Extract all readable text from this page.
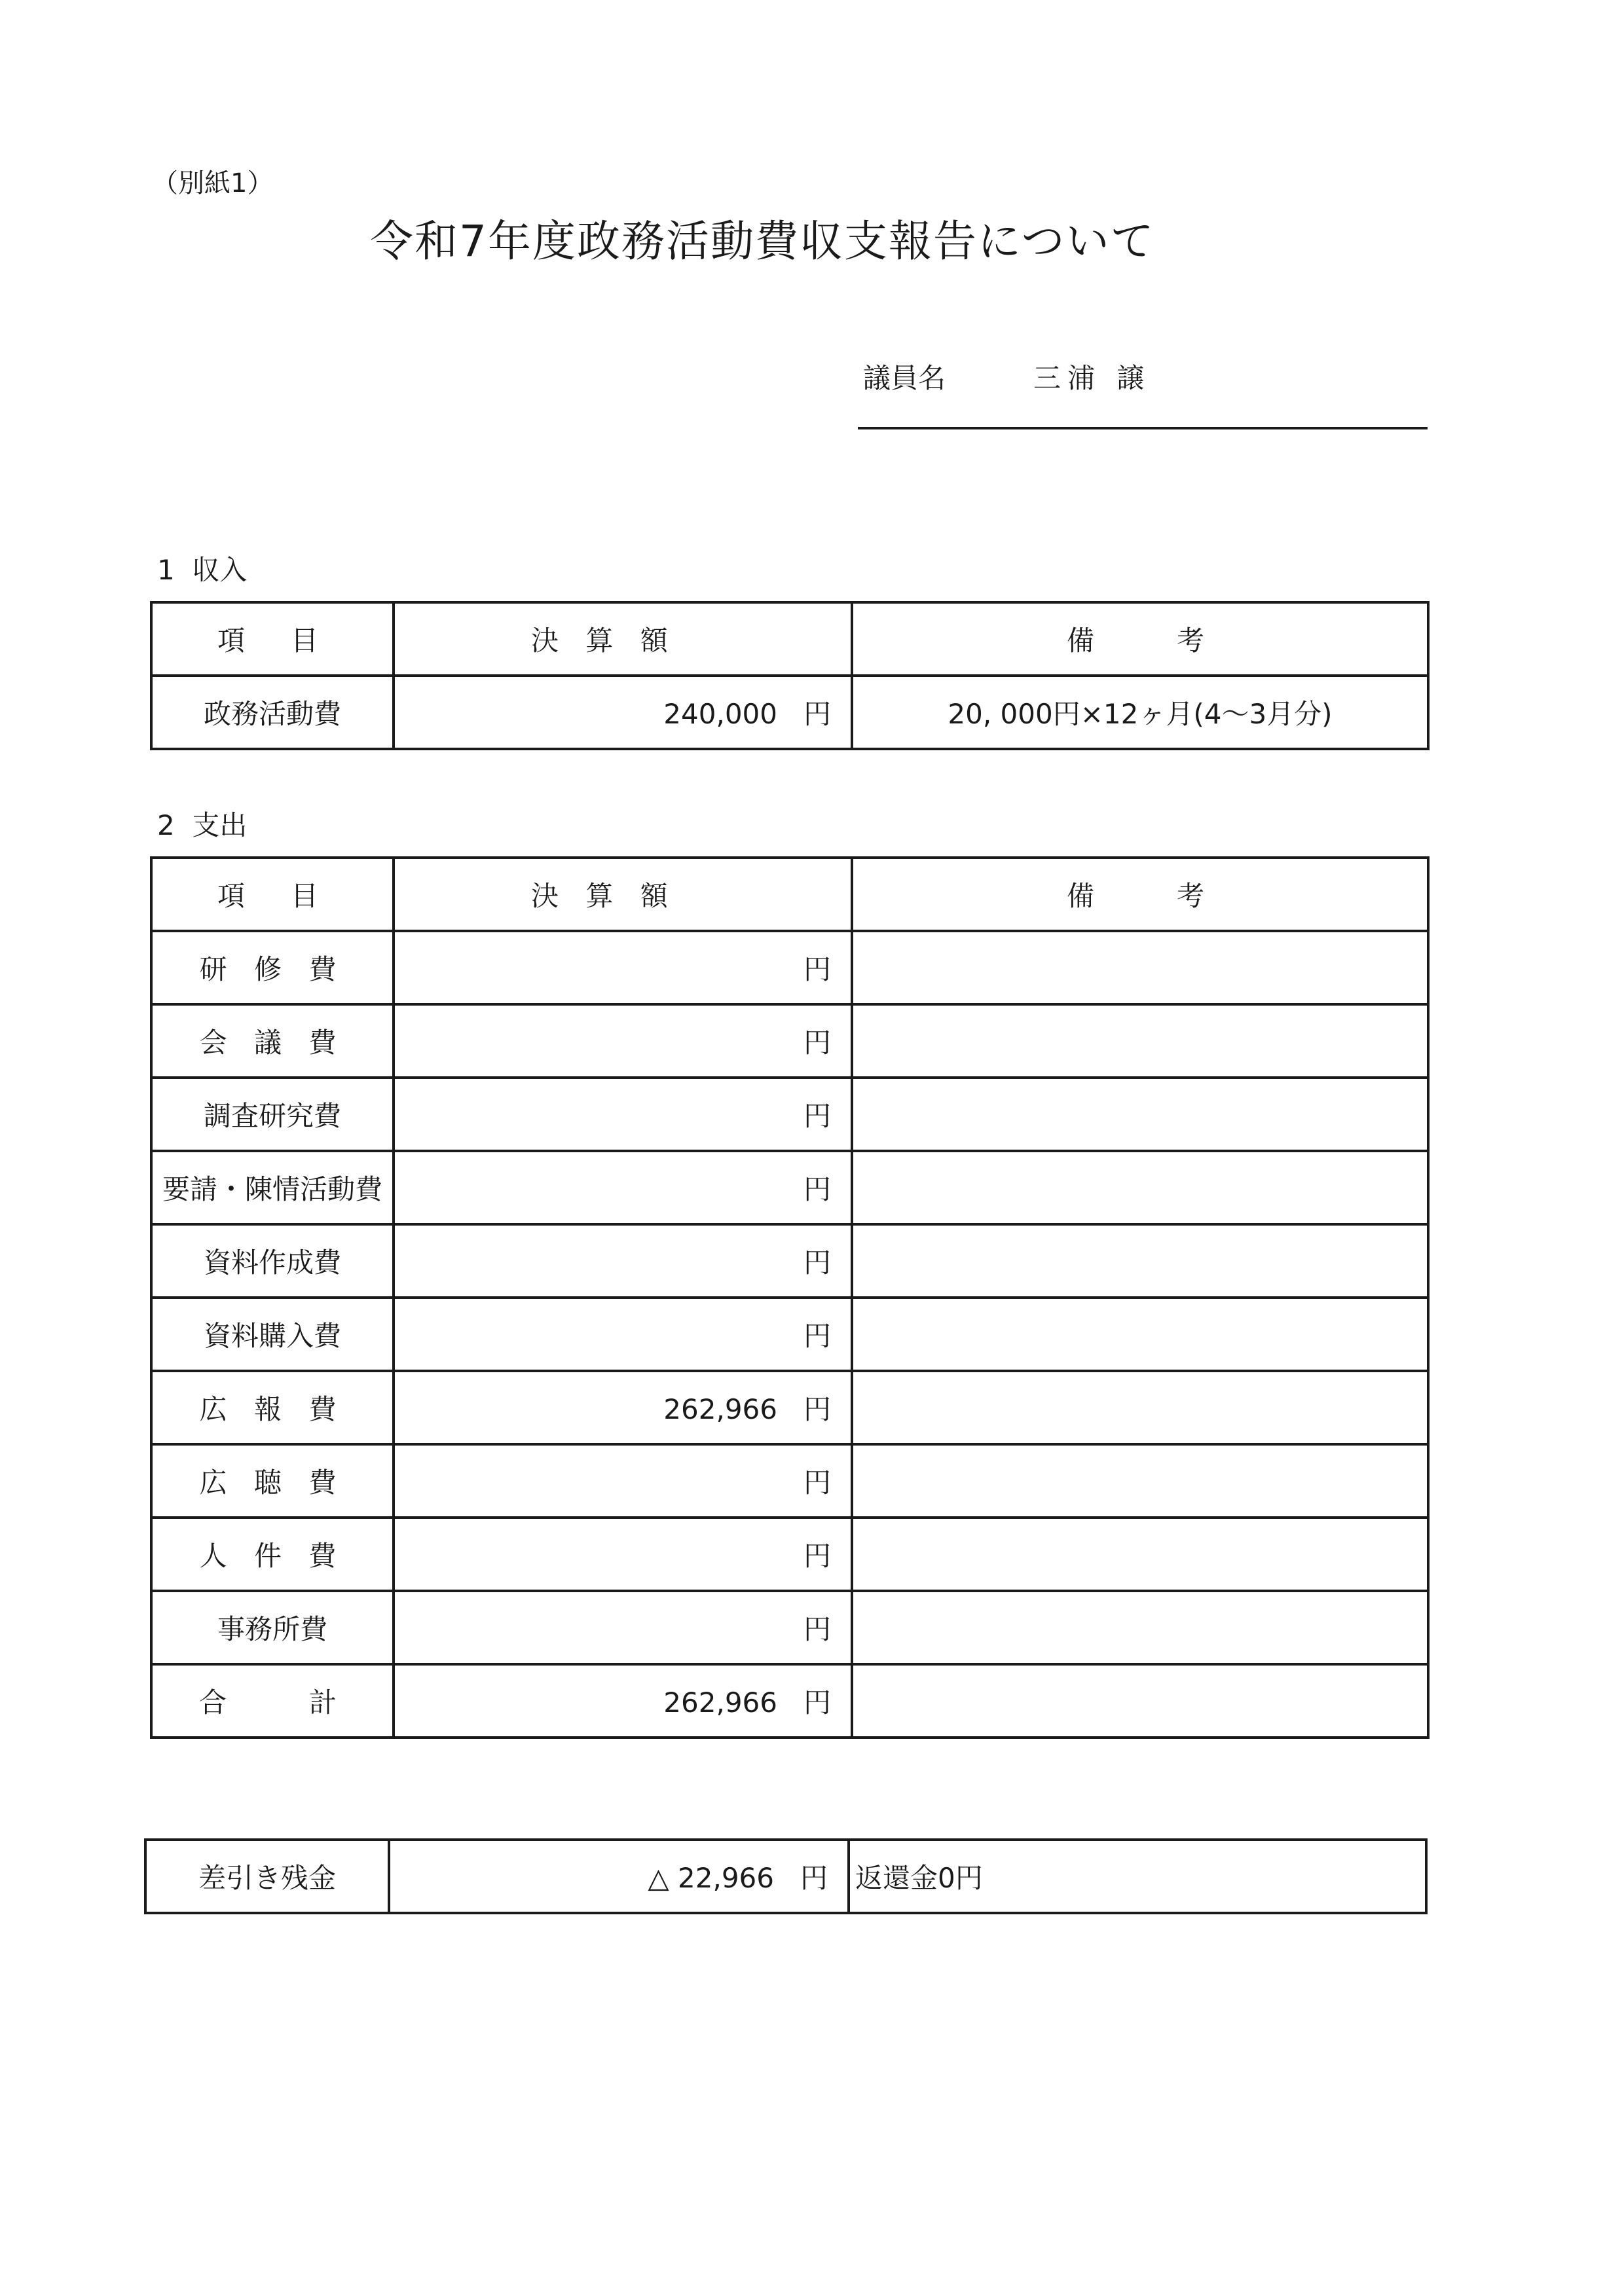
（別紙1）
令和7年度政務活動費収支報告について
議員名	三浦 譲
1 収入
項　目	決 算 額	備　　考
政務活動費	240,000 円	20, 000円×12ヶ月(4～3月分)
2 支出
項　目	決 算 額	備　　考
研 修 費	円	
会 議 費	円	
調査研究費	円	
要請・陳情活動費	円	
資料作成費	円	
資料購入費	円	
広 報 費	262,966 円	
広 聴 費	円	
人 件 費	円	
事務所費	円	
合　　計	262,966 円	
差引き残金	△ 22,966 円	返還金0円
